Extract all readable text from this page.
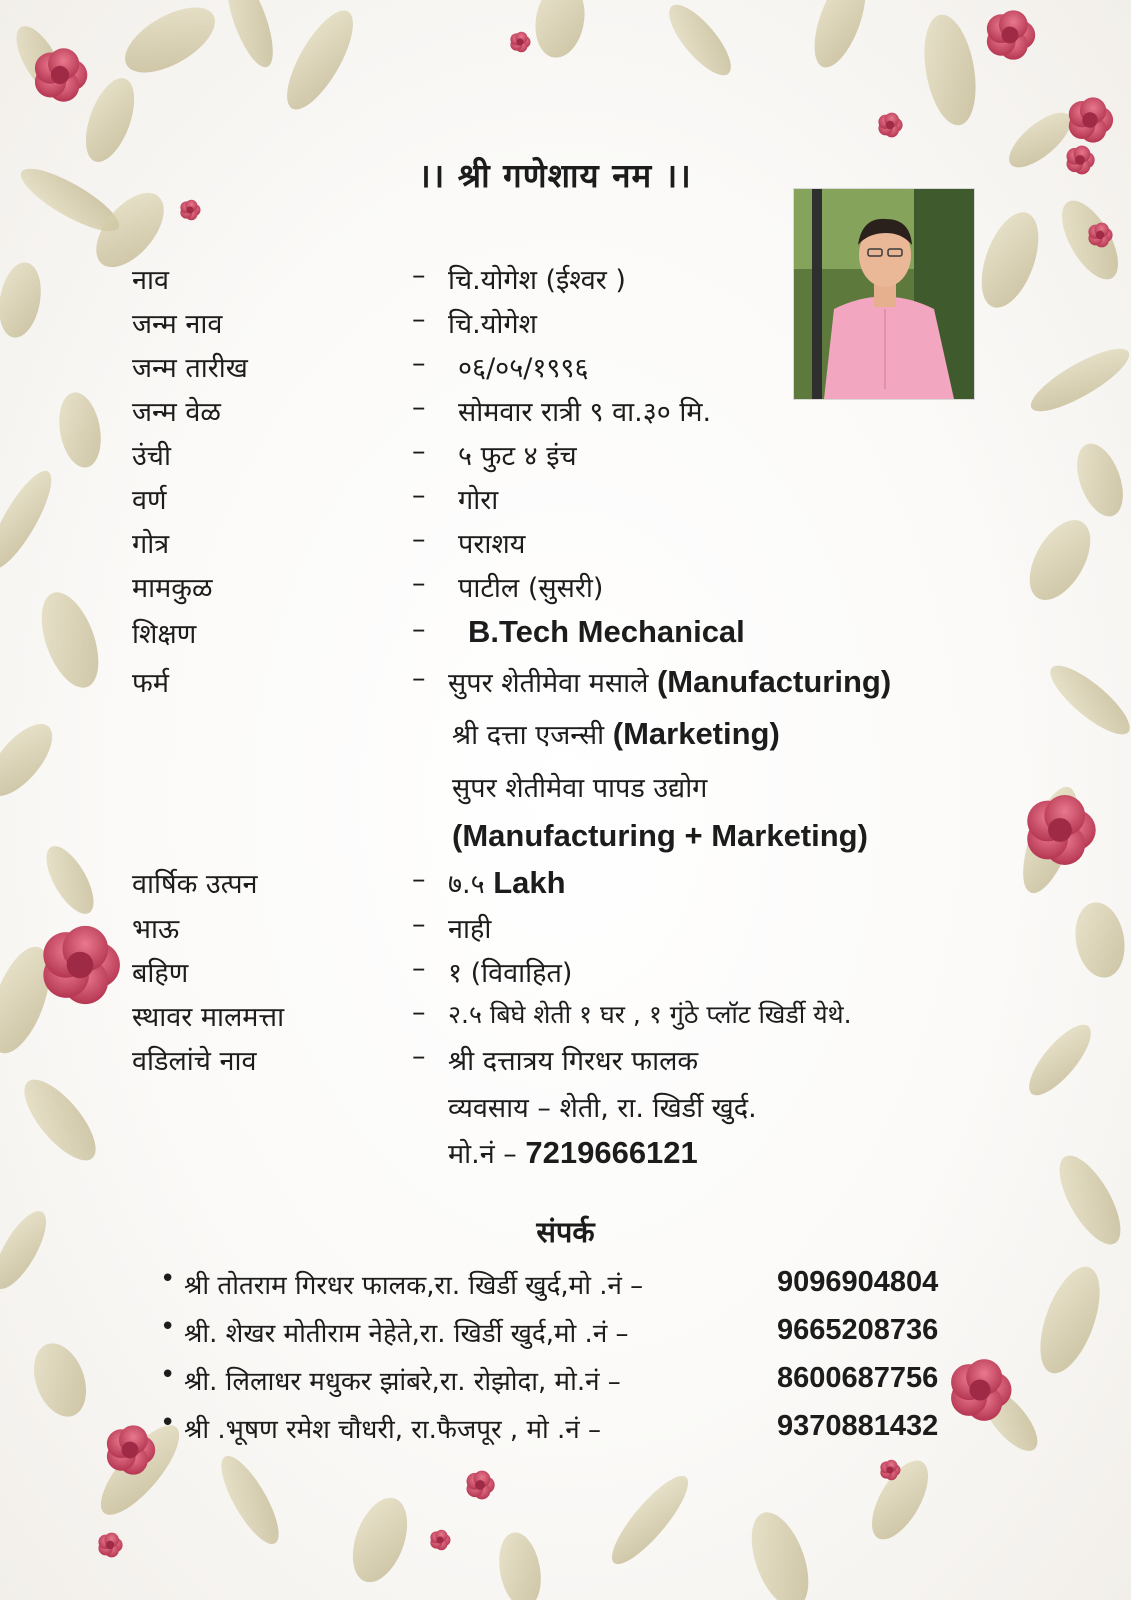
।। श्री गणेशाय नम ।।
नाव	– चि.योगेश (ईश्वर )
जन्म नाव	– चि.योगेश
जन्म तारीख	– ०६/०५/१९९६
जन्म वेळ	– सोमवार रात्री ९ वा.३० मि.
उंची	– ५ फुट ४ इंच
वर्ण	– गोरा
गोत्र	– पराशय
मामकुळ	– पाटील (सुसरी)
शिक्षण	– B.Tech Mechanical
फर्म	– सुपर शेतीमेवा मसाले (Manufacturing)
श्री दत्ता एजन्सी (Marketing)
सुपर शेतीमेवा पापड उद्योग
(Manufacturing + Marketing)
वार्षिक उत्पन	– ७.५ Lakh
भाऊ	– नाही
बहिण	– १ (विवाहित)
स्थावर मालमत्ता	– २.५ बिघे शेती १ घर , १ गुंठे प्लॉट खिर्डी येथे.
वडिलांचे नाव	– श्री दत्तात्रय गिरधर फालक
व्यवसाय – शेती, रा. खिर्डी खुर्द.
मो.नं – 7219666121
संपर्क
• श्री तोतराम गिरधर फालक,रा. खिर्डी खुर्द,मो .नं –	9096904804
• श्री. शेखर मोतीराम नेहेते,रा. खिर्डी खुर्द,मो .नं –	9665208736
• श्री. लिलाधर मधुकर झांबरे,रा. रोझोदा, मो.नं –	8600687756
• श्री .भूषण रमेश चौधरी, रा.फैजपूर , मो .नं –	9370881432
